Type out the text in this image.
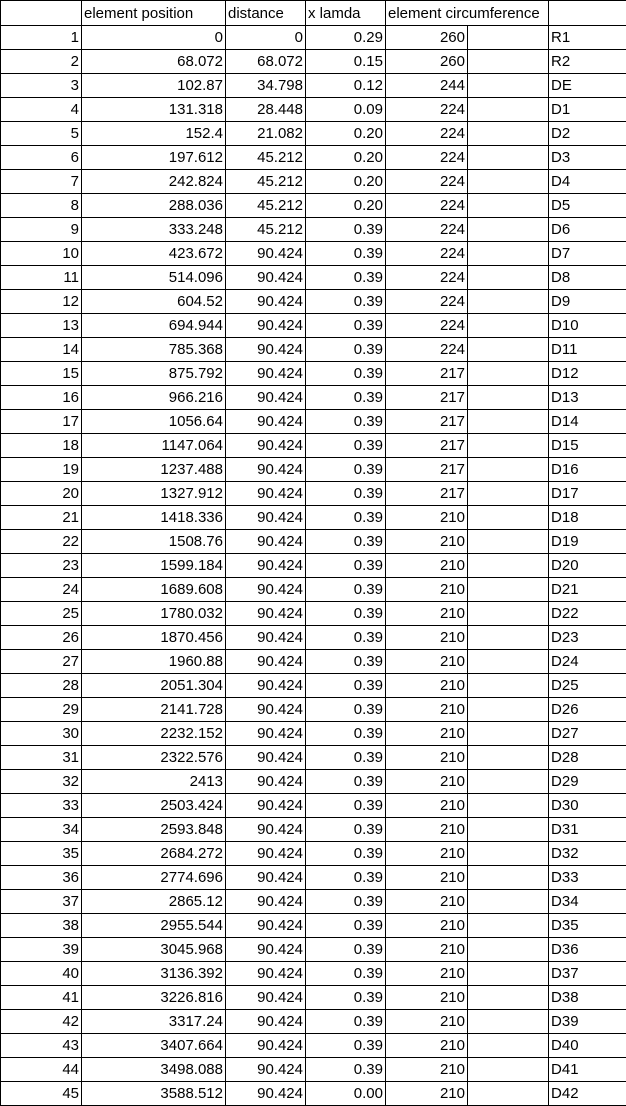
	element position	distance	x lamda	element circumference		
1	0	0	0.29	260		R1
2	68.072	68.072	0.15	260		R2
3	102.87	34.798	0.12	244		DE
4	131.318	28.448	0.09	224		D1
5	152.4	21.082	0.20	224		D2
6	197.612	45.212	0.20	224		D3
7	242.824	45.212	0.20	224		D4
8	288.036	45.212	0.20	224		D5
9	333.248	45.212	0.39	224		D6
10	423.672	90.424	0.39	224		D7
11	514.096	90.424	0.39	224		D8
12	604.52	90.424	0.39	224		D9
13	694.944	90.424	0.39	224		D10
14	785.368	90.424	0.39	224		D11
15	875.792	90.424	0.39	217		D12
16	966.216	90.424	0.39	217		D13
17	1056.64	90.424	0.39	217		D14
18	1147.064	90.424	0.39	217		D15
19	1237.488	90.424	0.39	217		D16
20	1327.912	90.424	0.39	217		D17
21	1418.336	90.424	0.39	210		D18
22	1508.76	90.424	0.39	210		D19
23	1599.184	90.424	0.39	210		D20
24	1689.608	90.424	0.39	210		D21
25	1780.032	90.424	0.39	210		D22
26	1870.456	90.424	0.39	210		D23
27	1960.88	90.424	0.39	210		D24
28	2051.304	90.424	0.39	210		D25
29	2141.728	90.424	0.39	210		D26
30	2232.152	90.424	0.39	210		D27
31	2322.576	90.424	0.39	210		D28
32	2413	90.424	0.39	210		D29
33	2503.424	90.424	0.39	210		D30
34	2593.848	90.424	0.39	210		D31
35	2684.272	90.424	0.39	210		D32
36	2774.696	90.424	0.39	210		D33
37	2865.12	90.424	0.39	210		D34
38	2955.544	90.424	0.39	210		D35
39	3045.968	90.424	0.39	210		D36
40	3136.392	90.424	0.39	210		D37
41	3226.816	90.424	0.39	210		D38
42	3317.24	90.424	0.39	210		D39
43	3407.664	90.424	0.39	210		D40
44	3498.088	90.424	0.39	210		D41
45	3588.512	90.424	0.00	210		D42
